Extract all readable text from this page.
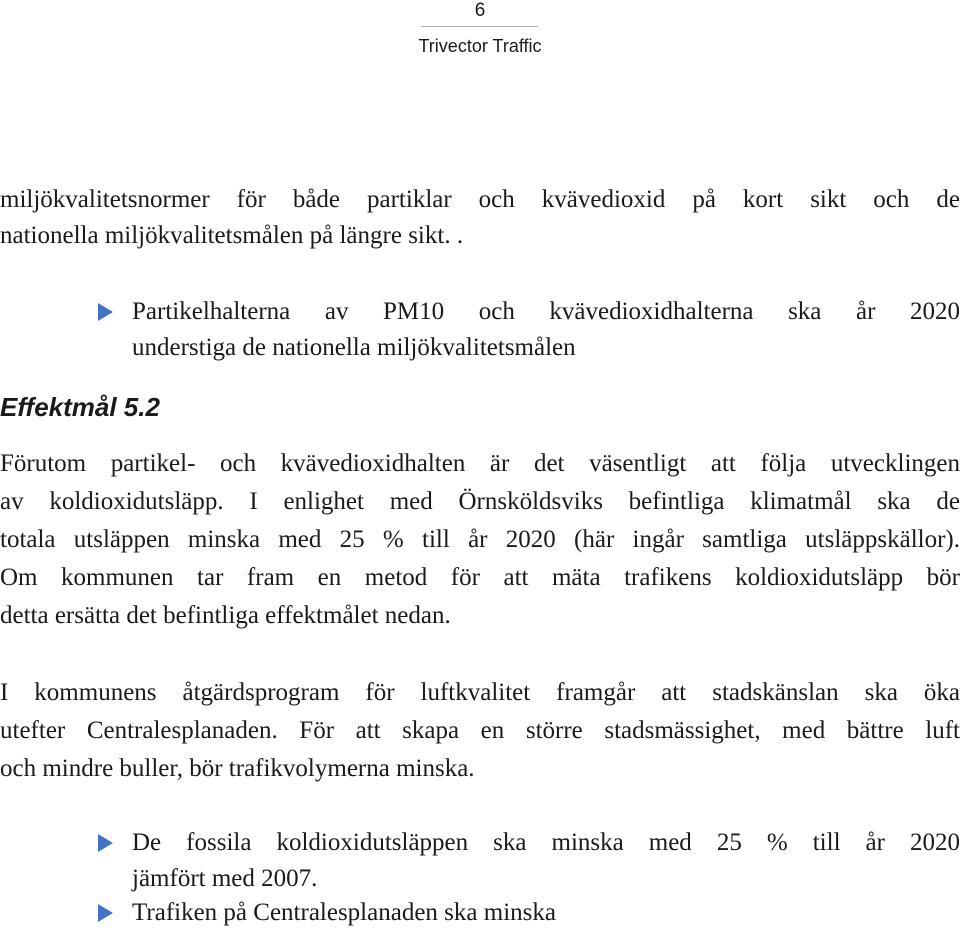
6
Trivector Traffic

miljökvalitetsnormer för både partiklar och kvävedioxid på kort sikt och de
nationella miljökvalitetsmålen på längre sikt. .

Partikelhalterna av PM10 och kvävedioxidhalterna ska år 2020
understiga de nationella miljökvalitetsmålen

Effektmål 5.2

Förutom partikel- och kvävedioxidhalten är det väsentligt att följa utvecklingen
av koldioxidutsläpp. I enlighet med Örnsköldsviks befintliga klimatmål ska de
totala utsläppen minska med 25 % till år 2020 (här ingår samtliga utsläppskällor).
Om kommunen tar fram en metod för att mäta trafikens koldioxidutsläpp bör
detta ersätta det befintliga effektmålet nedan.

I kommunens åtgärdsprogram för luftkvalitet framgår att stadskänslan ska öka
utefter Centralesplanaden. För att skapa en större stadsmässighet, med bättre luft
och mindre buller, bör trafikvolymerna minska.

De fossila koldioxidutsläppen ska minska med 25 % till år 2020
jämfört med 2007.

Trafiken på Centralesplanaden ska minska
